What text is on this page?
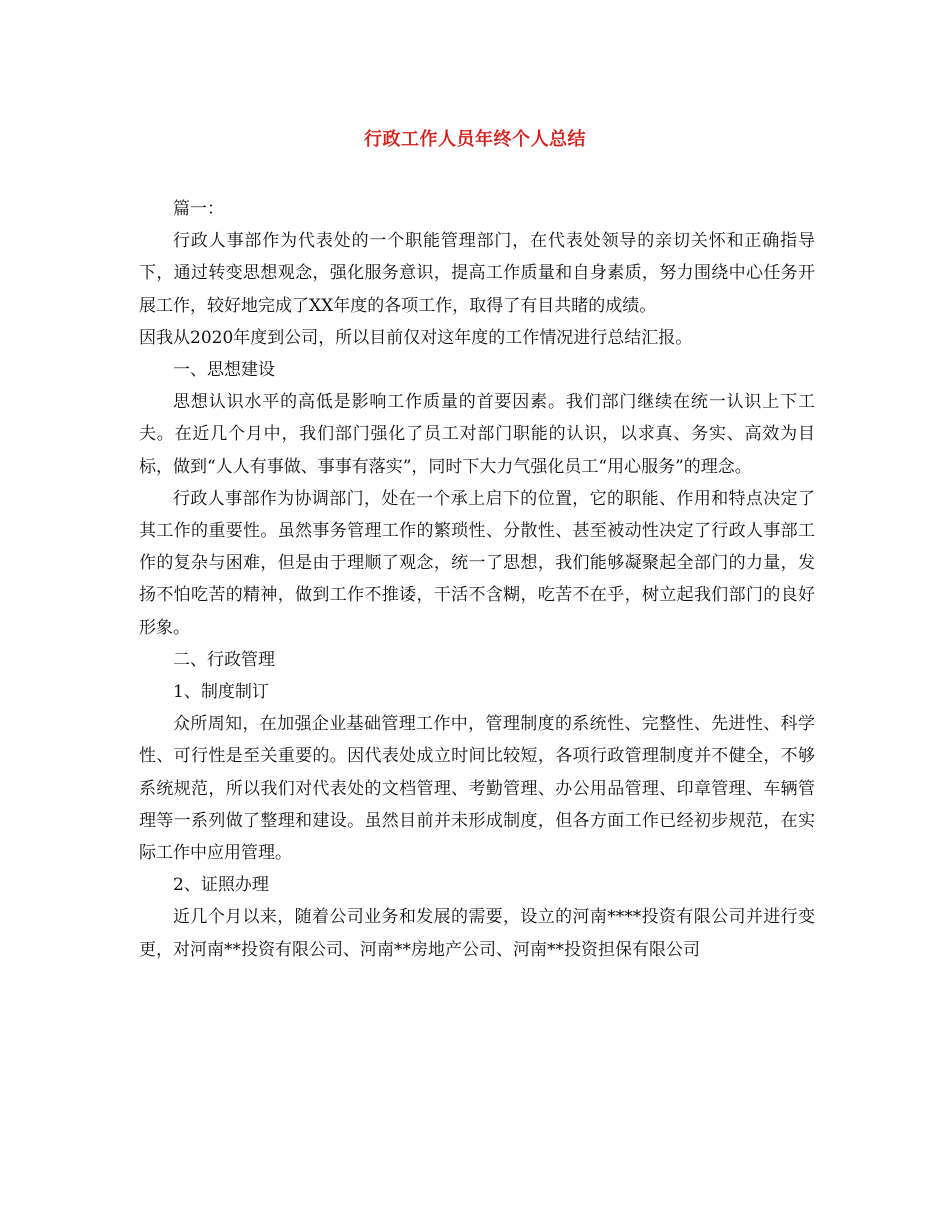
行政工作人员年终个人总结

篇一：

行政人事部作为代表处的一个职能管理部门，在代表处领导的亲切关怀和正确指导下，通过转变思想观念，强化服务意识，提高工作质量和自身素质，努力围绕中心任务开展工作，较好地完成了XX年度的各项工作，取得了有目共睹的成绩。

因我从2020年度到公司，所以目前仅对这年度的工作情况进行总结汇报。

一、思想建设

思想认识水平的高低是影响工作质量的首要因素。我们部门继续在统一认识上下工夫。在近几个月中，我们部门强化了员工对部门职能的认识，以求真、务实、高效为目标，做到“人人有事做、事事有落实”，同时下大力气强化员工“用心服务”的理念。

行政人事部作为协调部门，处在一个承上启下的位置，它的职能、作用和特点决定了其工作的重要性。虽然事务管理工作的繁琐性、分散性、甚至被动性决定了行政人事部工作的复杂与困难，但是由于理顺了观念，统一了思想，我们能够凝聚起全部门的力量，发扬不怕吃苦的精神，做到工作不推诿，干活不含糊，吃苦不在乎，树立起我们部门的良好形象。

二、行政管理

1、制度制订

众所周知，在加强企业基础管理工作中，管理制度的系统性、完整性、先进性、科学性、可行性是至关重要的。因代表处成立时间比较短，各项行政管理制度并不健全，不够系统规范，所以我们对代表处的文档管理、考勤管理、办公用品管理、印章管理、车辆管理等一系列做了整理和建设。虽然目前并未形成制度，但各方面工作已经初步规范，在实际工作中应用管理。

2、证照办理

近几个月以来，随着公司业务和发展的需要，设立的河南****投资有限公司并进行变更，对河南**投资有限公司、河南**房地产公司、河南**投资担保有限公司
